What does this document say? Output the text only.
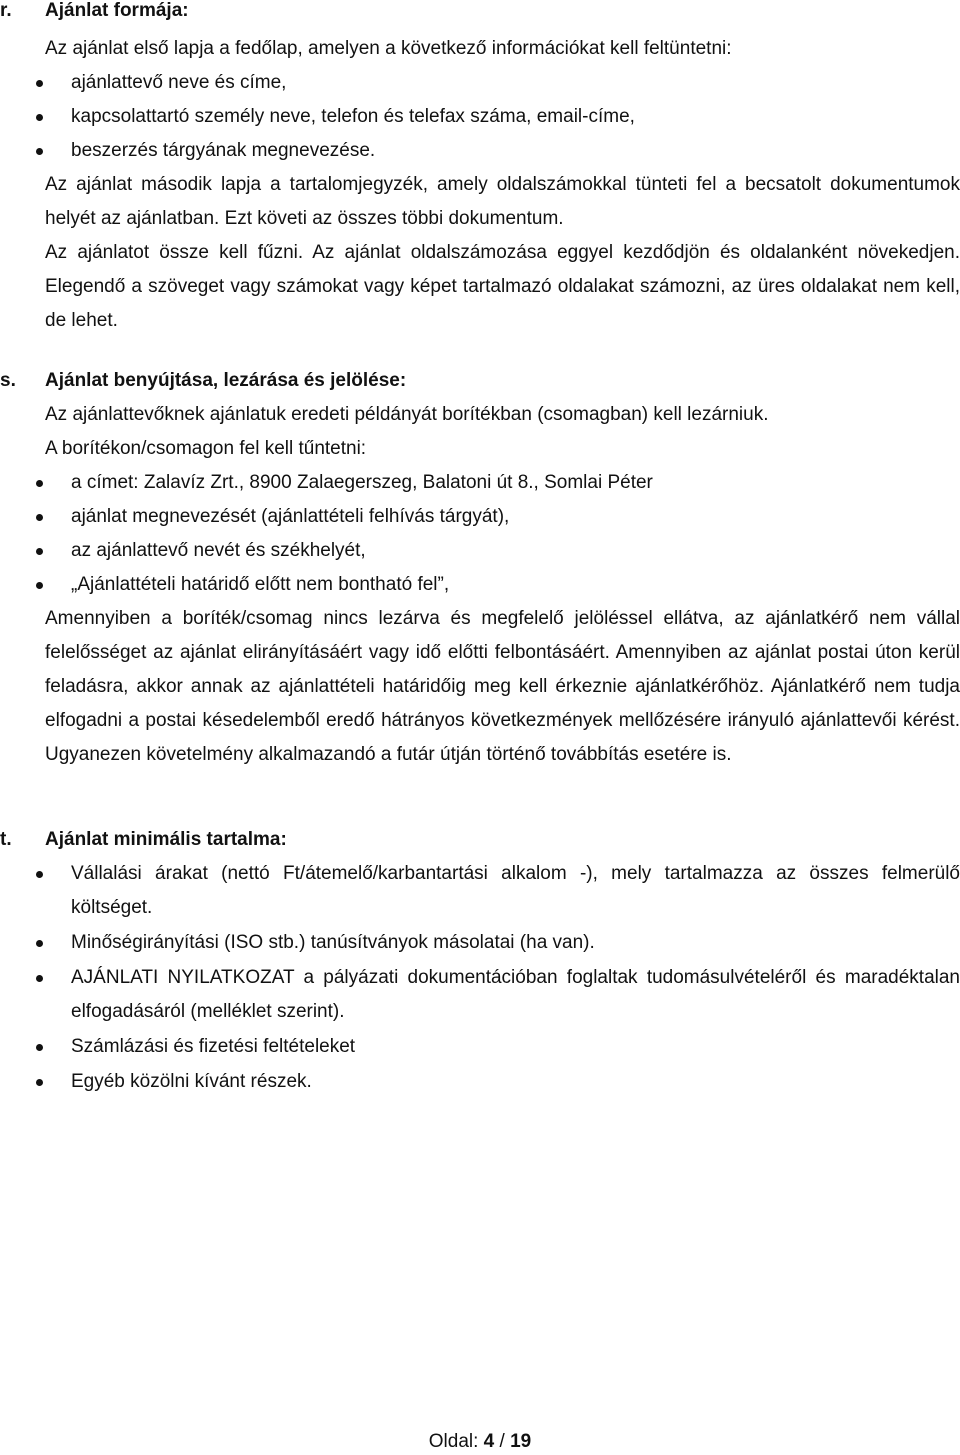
r.	Ajánlat formája:

Az ajánlat első lapja a fedőlap, amelyen a következő információkat kell feltüntetni:

ajánlattevő neve és címe,
kapcsolattartó személy neve, telefon és telefax száma, email-címe,
beszerzés tárgyának megnevezése.

Az ajánlat második lapja a tartalomjegyzék, amely oldalszámokkal tünteti fel a becsatolt dokumentumok helyét az ajánlatban. Ezt követi az összes többi dokumentum.

Az ajánlatot össze kell fűzni. Az ajánlat oldalszámozása eggyel kezdődjön és oldalanként növekedjen. Elegendő a szöveget vagy számokat vagy képet tartalmazó oldalakat számozni, az üres oldalakat nem kell, de lehet.

s.	Ajánlat benyújtása, lezárása és jelölése:

Az ajánlattevőknek ajánlatuk eredeti példányát borítékban (csomagban) kell lezárniuk.

A borítékon/csomagon fel kell tűntetni:

a címet: Zalavíz Zrt., 8900 Zalaegerszeg, Balatoni út 8., Somlai Péter
ajánlat megnevezését (ajánlattételi felhívás tárgyát),
az ajánlattevő nevét és székhelyét,
„Ajánlattételi határidő előtt nem bontható fel”,

Amennyiben a boríték/csomag nincs lezárva és megfelelő jelöléssel ellátva, az ajánlatkérő nem vállal felelősséget az ajánlat elirányításáért vagy idő előtti felbontásáért. Amennyiben az ajánlat postai úton kerül feladásra, akkor annak az ajánlattételi határidőig meg kell érkeznie ajánlatkérőhöz. Ajánlatkérő nem tudja elfogadni a postai késedelemből eredő hátrányos következmények mellőzésére irányuló ajánlattevői kérést. Ugyanezen követelmény alkalmazandó a futár útján történő továbbítás esetére is.

t.	Ajánlat minimális tartalma:
Vállalási árakat (nettó Ft/átemelő/karbantartási alkalom -), mely tartalmazza az összes felmerülő költséget.
Minőségirányítási (ISO stb.) tanúsítványok másolatai (ha van).
AJÁNLATI NYILATKOZAT a pályázati dokumentációban foglaltak tudomásulvételéről és maradéktalan elfogadásáról (melléklet szerint).
Számlázási és fizetési feltételeket
Egyéb közölni kívánt részek.
Oldal: 4 / 19
